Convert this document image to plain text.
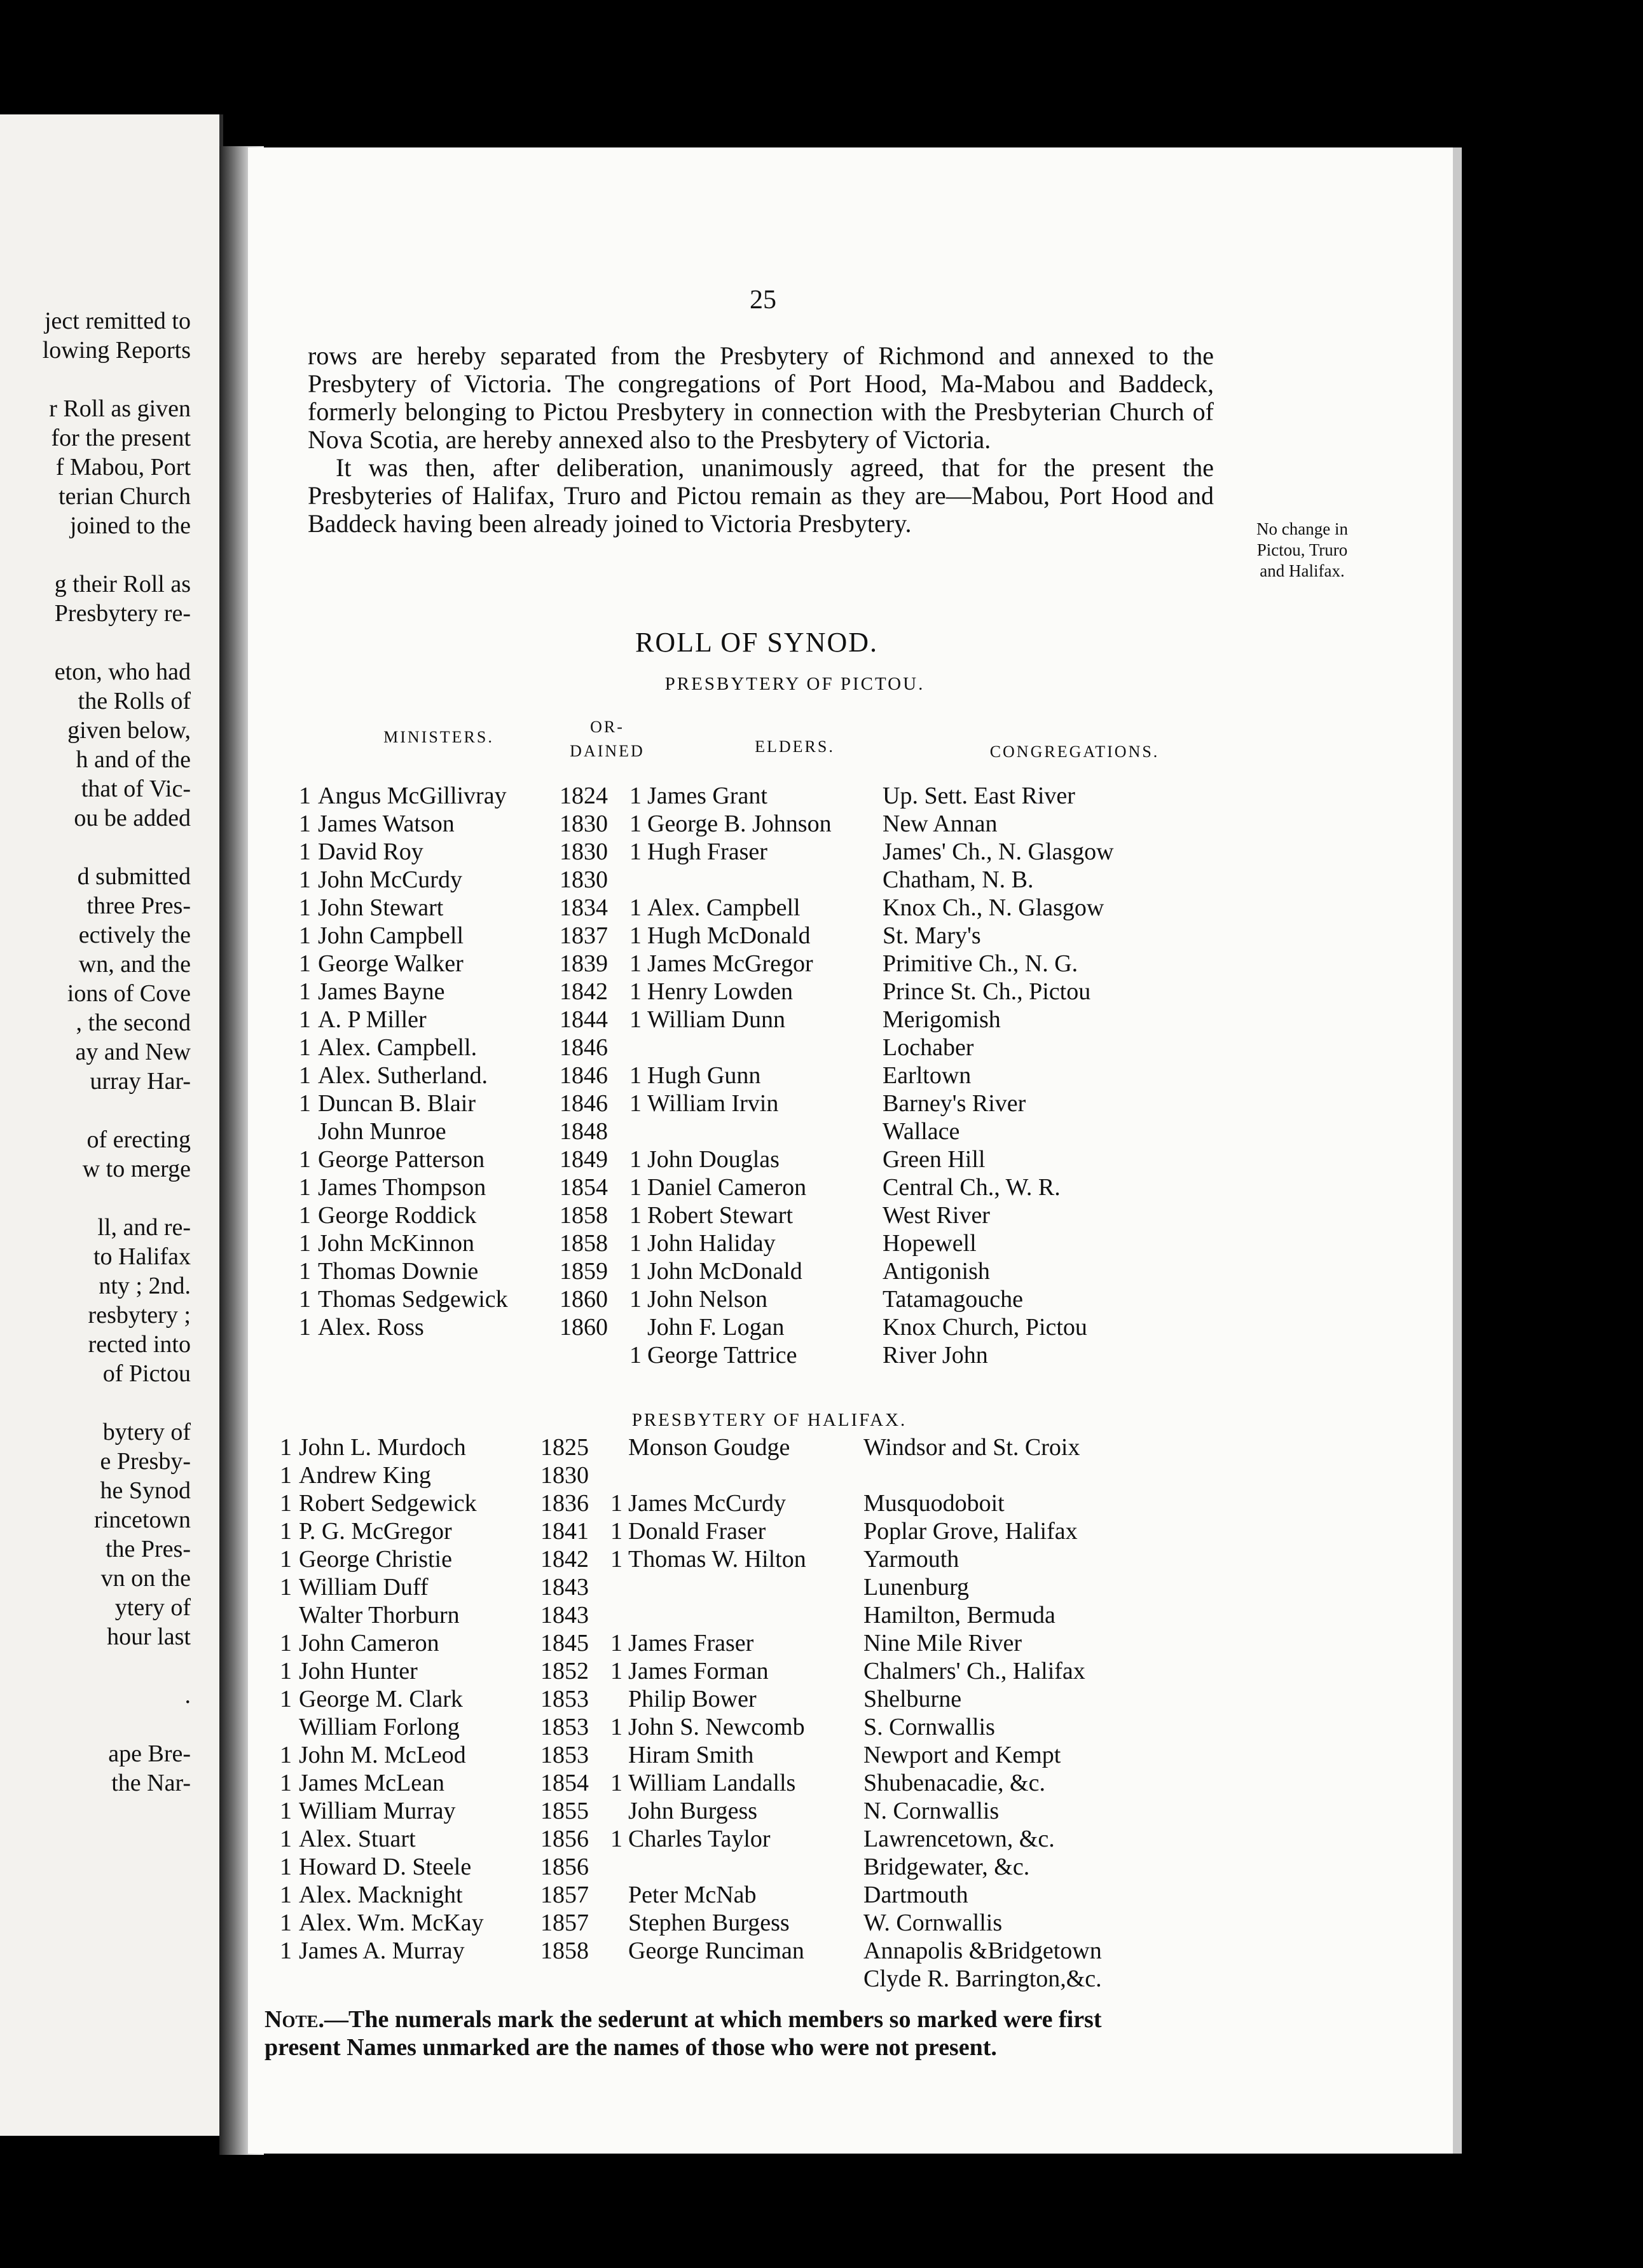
ject remitted to
lowing Reports
r Roll as given
for the present
f Mabou, Port
terian Church
joined to the
g their Roll as
Presbytery re-
eton, who had
the Rolls of
given below,
h and of the
that of Vic-
ou be added
d submitted
three Pres-
ectively the
wn, and the
ions of Cove
, the second
ay and New
urray Har-
of erecting
w to merge
ll, and re-
to Halifax
nty ; 2nd.
resbytery ;
rected into
of Pictou
bytery of
e Presby-
he Synod
rincetown
the Pres-
vn on the
ytery of
hour last
.
ape Bre-
the Nar-
25

rows are hereby separated from the Presbytery of Richmond and annexed to the Presbytery of Victoria. The congregations of Port Hood, Ma-Mabou and Baddeck, formerly belonging to Pictou Presbytery in connection with the Presbyterian Church of Nova Scotia, are hereby annexed also to the Presbytery of Victoria.

It was then, after deliberation, unanimously agreed, that for the present the Presbyteries of Halifax, Truro and Pictou remain as they are—Mabou, Port Hood and Baddeck having been already joined to Victoria Presbytery.	No change in
Pictou, Truro
and Halifax.
ROLL OF SYNOD.
PRESBYTERY OF PICTOU.
MINISTERS.
OR-
DAINED	ELDERS.	CONGREGATIONS.
1	Angus McGillivray	1824	1	James Grant	Up. Sett. East River
1	James Watson	1830	1	George B. Johnson	New Annan
1	David Roy	1830	1	Hugh Fraser	James' Ch., N. Glasgow
1	John McCurdy	1830			Chatham, N. B.
1	John Stewart	1834	1	Alex. Campbell	Knox Ch., N. Glasgow
1	John Campbell	1837	1	Hugh McDonald	St. Mary's
1	George Walker	1839	1	James McGregor	Primitive Ch., N. G.
1	James Bayne	1842	1	Henry Lowden	Prince St. Ch., Pictou
1	A. P Miller	1844	1	William Dunn	Merigomish
1	Alex. Campbell.	1846			Lochaber
1	Alex. Sutherland.	1846	1	Hugh Gunn	Earltown
1	Duncan B. Blair	1846	1	William Irvin	Barney's River
	John Munroe	1848			Wallace
1	George Patterson	1849	1	John Douglas	Green Hill
1	James Thompson	1854	1	Daniel Cameron	Central Ch., W. R.
1	George Roddick	1858	1	Robert Stewart	West River
1	John McKinnon	1858	1	John Haliday	Hopewell
1	Thomas Downie	1859	1	John McDonald	Antigonish
1	Thomas Sedgewick	1860	1	John Nelson	Tatamagouche
1	Alex. Ross	1860		John F. Logan	Knox Church, Pictou
			1	George Tattrice	River John
PRESBYTERY OF HALIFAX.
1	John L. Murdoch	1825		Monson Goudge	Windsor and St. Croix
1	Andrew King	1830			
1	Robert Sedgewick	1836	1	James McCurdy	Musquodoboit
1	P. G. McGregor	1841	1	Donald Fraser	Poplar Grove, Halifax
1	George Christie	1842	1	Thomas W. Hilton	Yarmouth
1	William Duff	1843			Lunenburg
	Walter Thorburn	1843			Hamilton, Bermuda
1	John Cameron	1845	1	James Fraser	Nine Mile River
1	John Hunter	1852	1	James Forman	Chalmers' Ch., Halifax
1	George M. Clark	1853		Philip Bower	Shelburne
	William Forlong	1853	1	John S. Newcomb	S. Cornwallis
1	John M. McLeod	1853		Hiram Smith	Newport and Kempt
1	James McLean	1854	1	William Landalls	Shubenacadie, &c.
1	William Murray	1855		John Burgess	N. Cornwallis
1	Alex. Stuart	1856	1	Charles Taylor	Lawrencetown, &c.
1	Howard D. Steele	1856			Bridgewater, &c.
1	Alex. Macknight	1857		Peter McNab	Dartmouth
1	Alex. Wm. McKay	1857		Stephen Burgess	W. Cornwallis
1	James A. Murray	1858		George Runciman	Annapolis &Bridgetown
					Clyde R. Barrington,&c.
Note.—The numerals mark the sederunt at which members so marked were first present Names unmarked are the names of those who were not present.
